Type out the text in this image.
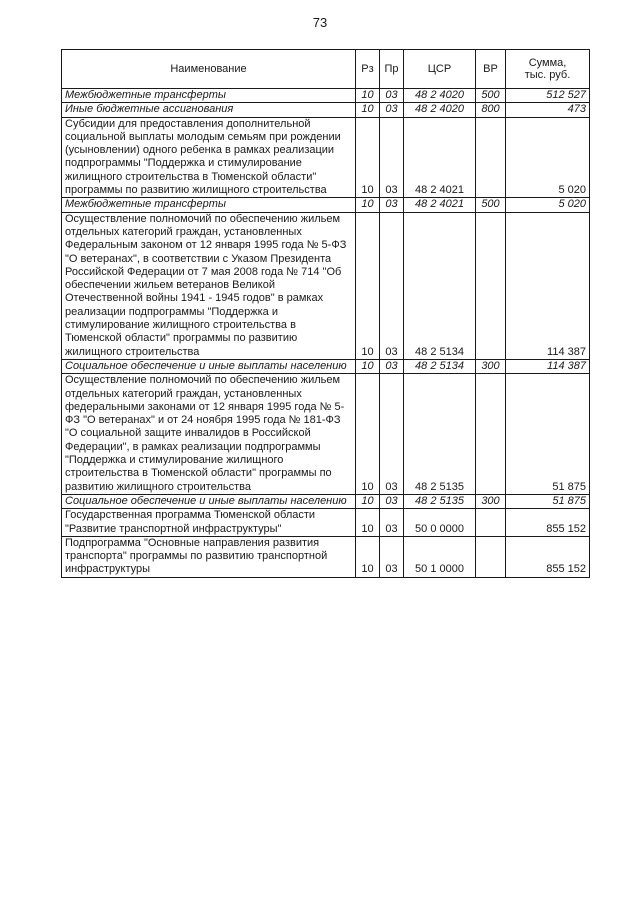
73
Наименование	Рз	Пр	ЦСР	ВР	Сумма,
тыс. руб.
Межбюджетные трансферты	10	03	48 2 4020	500	512 527
Иные бюджетные ассигнования	10	03	48 2 4020	800	473
Субсидии для предоставления дополнительной социальной выплаты молодым семьям при рождении (усыновлении) одного ребенка в рамках реализации подпрограммы "Поддержка и стимулирование жилищного строительства в Тюменской области" программы по развитию жилищного строительства	10	03	48 2 4021		5 020
Межбюджетные трансферты	10	03	48 2 4021	500	5 020
Осуществление полномочий по обеспечению жильем отдельных категорий граждан, установленных Федеральным законом от 12 января 1995 года № 5-ФЗ "О ветеранах", в соответствии с Указом Президента Российской Федерации от 7 мая 2008 года № 714 "Об обеспечении жильем ветеранов Великой Отечественной войны 1941 - 1945 годов" в рамках реализации подпрограммы "Поддержка и стимулирование жилищного строительства в Тюменской области" программы по развитию жилищного строительства	10	03	48 2 5134		114 387
Социальное обеспечение и иные выплаты населению	10	03	48 2 5134	300	114 387
Осуществление полномочий по обеспечению жильем отдельных категорий граждан, установленных федеральными законами от 12 января 1995 года № 5-ФЗ "О ветеранах" и от 24 ноября 1995 года № 181-ФЗ "О социальной защите инвалидов в Российской Федерации", в рамках реализации подпрограммы "Поддержка и стимулирование жилищного строительства в Тюменской области" программы по развитию жилищного строительства	10	03	48 2 5135		51 875
Социальное обеспечение и иные выплаты населению	10	03	48 2 5135	300	51 875
Государственная программа Тюменской области "Развитие транспортной инфраструктуры"	10	03	50 0 0000		855 152
Подпрограмма "Основные направления развития транспорта" программы по развитию транспортной инфраструктуры	10	03	50 1 0000		855 152
